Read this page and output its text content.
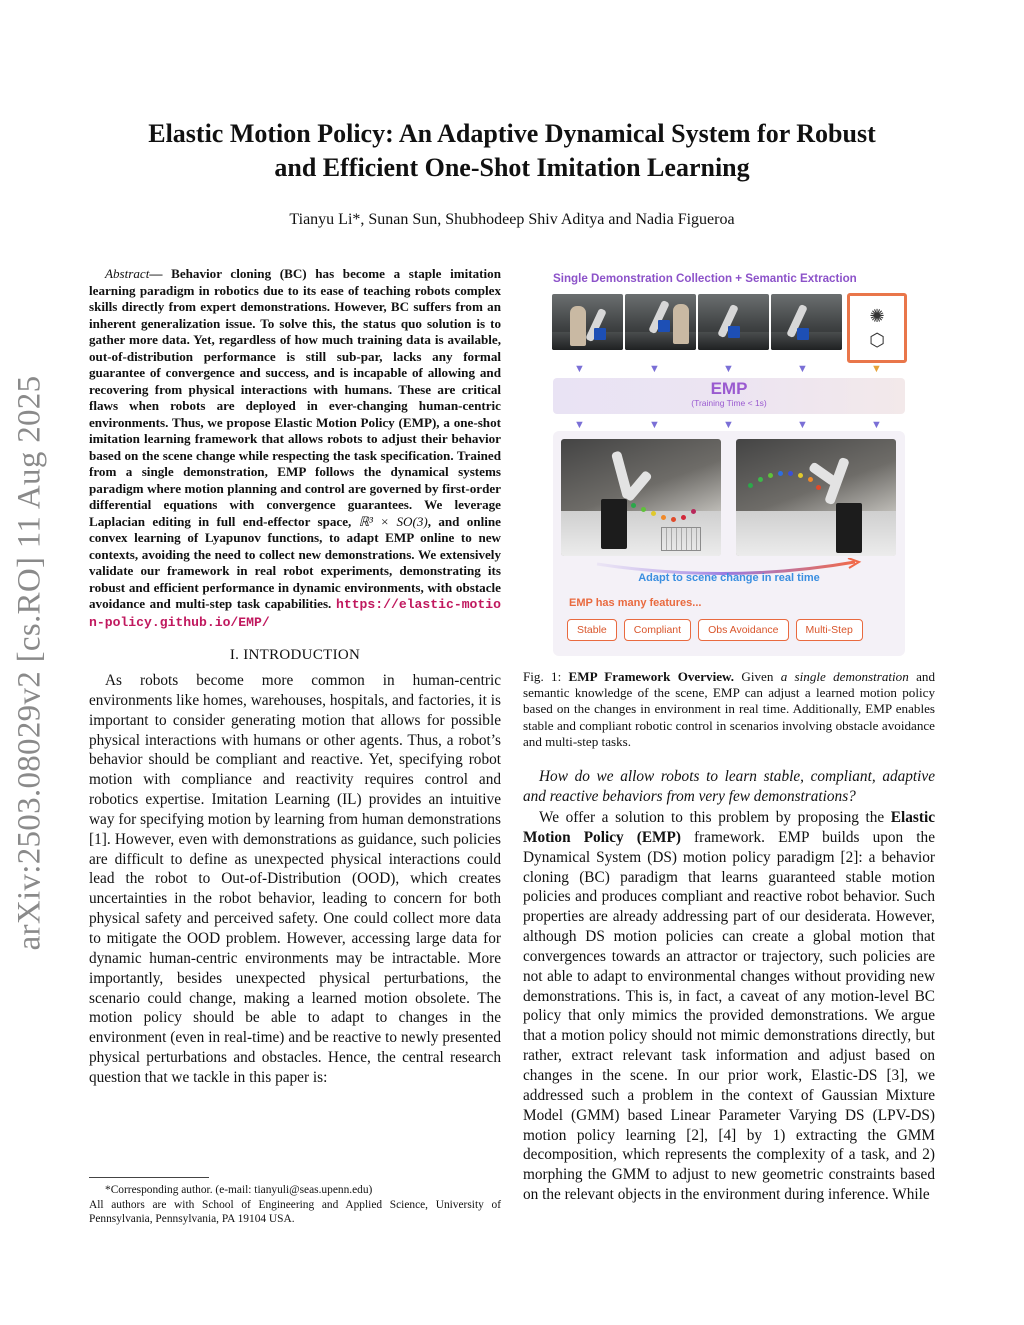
arXiv:2503.08029v2 [cs.RO] 11 Aug 2025
Elastic Motion Policy: An Adaptive Dynamical System for Robust and Efficient One-Shot Imitation Learning
Tianyu Li*, Sunan Sun, Shubhodeep Shiv Aditya and Nadia Figueroa

Abstract— Behavior cloning (BC) has become a staple imitation learning paradigm in robotics due to its ease of teaching robots complex skills directly from expert demonstrations. However, BC suffers from an inherent generalization issue. To solve this, the status quo solution is to gather more data. Yet, regardless of how much training data is available, out-of-distribution performance is still sub-par, lacks any formal guarantee of convergence and success, and is incapable of allowing and recovering from physical interactions with humans. These are critical flaws when robots are deployed in ever-changing human-centric environments. Thus, we propose Elastic Motion Policy (EMP), a one-shot imitation learning framework that allows robots to adjust their behavior based on the scene change while respecting the task specification. Trained from a single demonstration, EMP follows the dynamical systems paradigm where motion planning and control are governed by first-order differential equations with convergence guarantees. We leverage Laplacian editing in full end-effector space, ℝ³ × SO(3), and online convex learning of Lyapunov functions, to adapt EMP online to new contexts, avoiding the need to collect new demonstrations. We extensively validate our framework in real robot experiments, demonstrating its robust and efficient performance in dynamic environments, with obstacle avoidance and multi-step task capabilities. https://elastic-motion-policy.github.io/EMP/

I. INTRODUCTION

As robots become more common in human-centric environments like homes, warehouses, hospitals, and factories, it is important to consider generating motion that allows for possible physical interactions with humans or other agents. Thus, a robot’s behavior should be compliant and reactive. Yet, specifying robot motion with compliance and reactivity requires control and robotics expertise. Imitation Learning (IL) provides an intuitive way for specifying motion by learning from human demonstrations [1]. However, even with demonstrations as guidance, such policies are difficult to define as unexpected physical interactions could lead the robot to Out-of-Distribution (OOD), which creates uncertainties in the robot behavior, leading to concern for both physical safety and perceived safety. One could collect more data to mitigate the OOD problem. However, accessing large data for dynamic human-centric environments may be intractable. More importantly, besides unexpected physical perturbations, the scenario could change, making a learned motion obsolete. The motion policy should be able to adapt to changes in the environment (even in real-time) and be reactive to newly presented physical perturbations and obstacles. Hence, the central research question that we tackle in this paper is:

*Corresponding author. (e-mail: tianyuli@seas.upenn.edu)

All authors are with School of Engineering and Applied Science, University of Pennsylvania, Pennsylvania, PA 19104 USA.

Single Demonstration Collection + Semantic Extraction
✺
⬡
▼	▼	▼	▼	▼
EMP
(Training Time < 1s)
▼	▼	▼	▼	▼
Adapt to scene change in real time
EMP has many features...
Stable	Compliant	Obs Avoidance	Multi-Step
Fig. 1: EMP Framework Overview. Given a single demonstration and semantic knowledge of the scene, EMP can adjust a learned motion policy based on the changes in environment in real time. Additionally, EMP enables stable and compliant robotic control in scenarios involving obstacle avoidance and multi-step tasks.

How do we allow robots to learn stable, compliant, adaptive and reactive behaviors from very few demonstrations?

We offer a solution to this problem by proposing the Elastic Motion Policy (EMP) framework. EMP builds upon the Dynamical System (DS) motion policy paradigm [2]: a behavior cloning (BC) paradigm that learns guaranteed stable motion policies and produces compliant and reactive robot behavior. Such properties are already addressing part of our desiderata. However, although DS motion policies can create a global motion that convergences towards an attractor or trajectory, such policies are not able to adapt to environmental changes without providing new demonstrations. This is, in fact, a caveat of any motion-level BC policy that only mimics the provided demonstrations. We argue that a motion policy should not mimic demonstrations directly, but rather, extract relevant task information and adjust based on changes in the scene. In our prior work, Elastic-DS [3], we addressed such a problem in the context of Gaussian Mixture Model (GMM) based Linear Parameter Varying DS (LPV-DS) motion policy learning [2], [4] by 1) extracting the GMM decomposition, which represents the complexity of a task, and 2) morphing the GMM to adjust to new geometric constraints based on the relevant objects in the environment during inference. While
